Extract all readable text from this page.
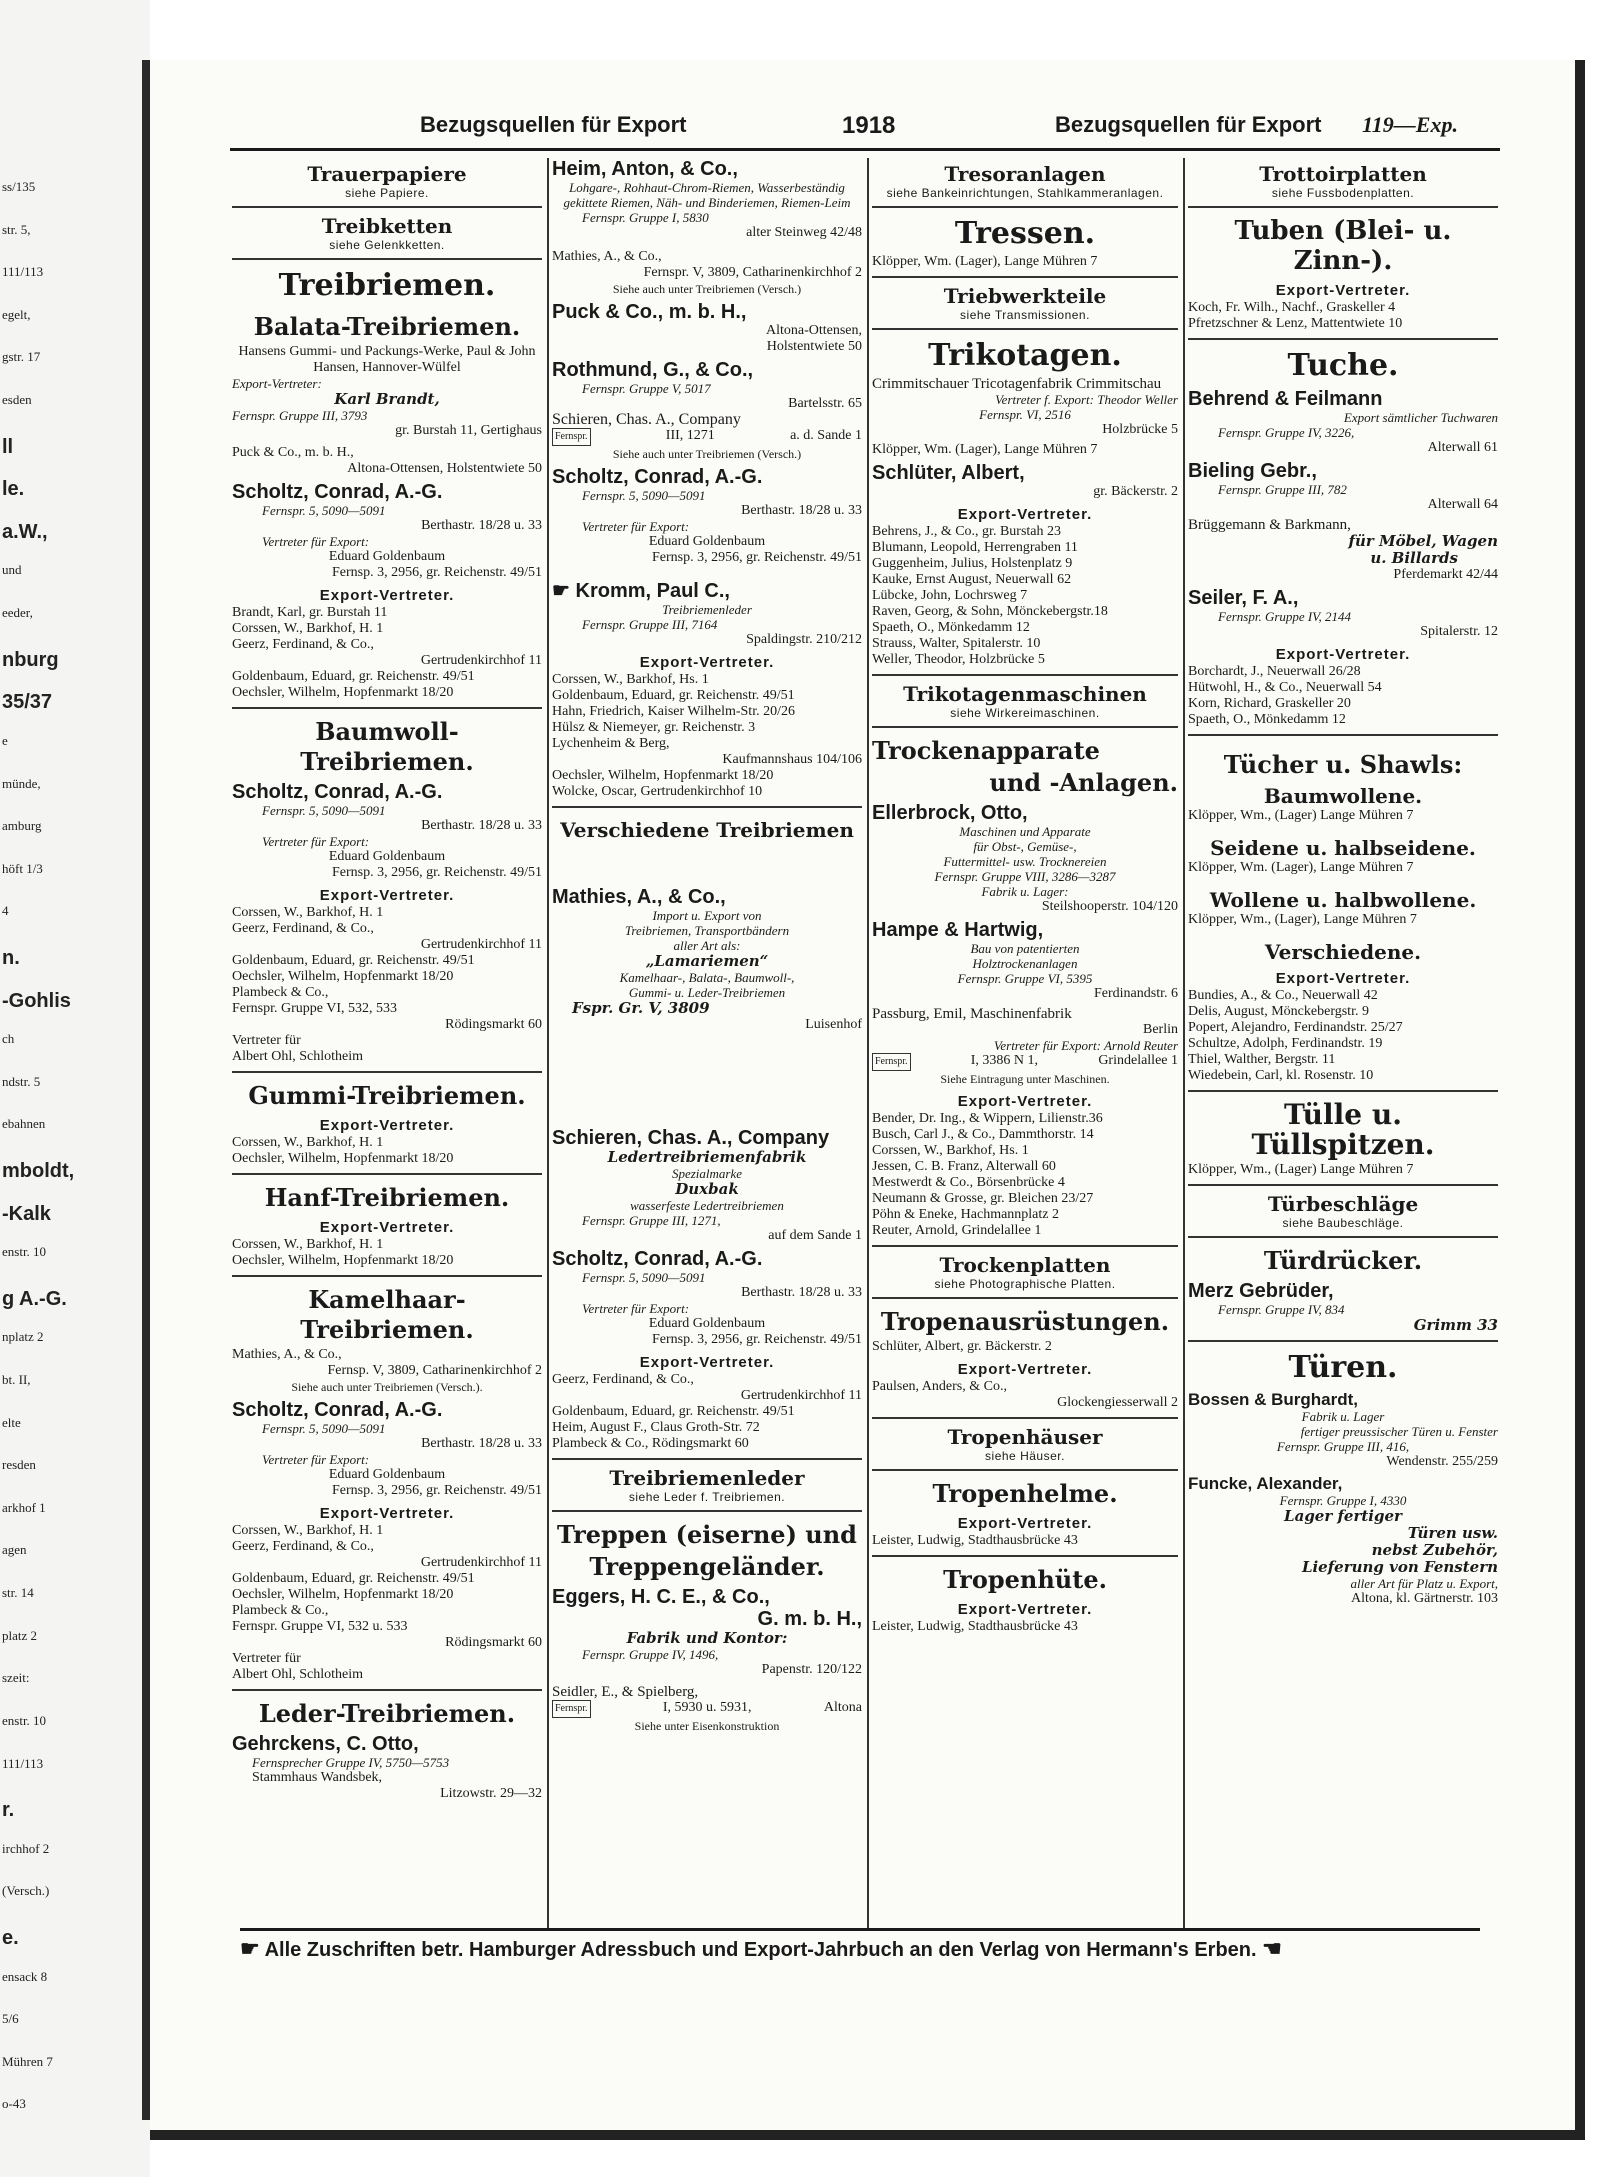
ss/135
str. 5,
111/113
egelt,
gstr. 17
esden
ll
le.
a.W.,
und
eeder,
nburg
35/37
e
münde,
amburg
höft 1/3
4
n.
-Gohlis
ch
ndstr. 5
ebahnen
mboldt,
-Kalk
enstr. 10
g A.-G.
nplatz 2
bt. II,
elte
resden
arkhof 1
agen
str. 14
platz 2
szeit:
enstr. 10
111/113
r.
irchhof 2
(Versch.)
e.
ensack 8
5/6
Mühren 7
o-43
Bezugsquellen für Export	1918	Bezugsquellen für Export 119—Exp.
Trauerpapiere
siehe Papiere.
Treibketten
siehe Gelenkketten.
Treibriemen.
Balata-Treibriemen.
Hansens Gummi- und Packungs-Werke, Paul & John Hansen, Hannover-Wülfel
Export-Vertreter:
Karl Brandt,
Fernspr. Gruppe III, 3793
gr. Burstah 11, Gertighaus
Puck & Co., m. b. H.,
Altona-Ottensen, Holstentwiete 50
Scholtz, Conrad, A.-G.
Fernspr. 5, 5090—5091
Berthastr. 18/28 u. 33
Vertreter für Export:
Eduard Goldenbaum
Fernsp. 3, 2956, gr. Reichenstr. 49/51
Export-Vertreter.
Brandt, Karl, gr. Burstah 11
Corssen, W., Barkhof, H. 1
Geerz, Ferdinand, & Co.,
Gertrudenkirchhof 11
Goldenbaum, Eduard, gr. Reichenstr. 49/51
Oechsler, Wilhelm, Hopfenmarkt 18/20
Baumwoll-Treibriemen.
Scholtz, Conrad, A.-G.
Fernspr. 5, 5090—5091
Berthastr. 18/28 u. 33
Vertreter für Export:
Eduard Goldenbaum
Fernsp. 3, 2956, gr. Reichenstr. 49/51
Export-Vertreter.
Corssen, W., Barkhof, H. 1
Geerz, Ferdinand, & Co.,
Gertrudenkirchhof 11
Goldenbaum, Eduard, gr. Reichenstr. 49/51
Oechsler, Wilhelm, Hopfenmarkt 18/20
Plambeck & Co.,
Fernspr. Gruppe VI, 532, 533
Rödingsmarkt 60
Vertreter für
Albert Ohl, Schlotheim
Gummi-Treibriemen.
Export-Vertreter.
Corssen, W., Barkhof, H. 1
Oechsler, Wilhelm, Hopfenmarkt 18/20
Hanf-Treibriemen.
Export-Vertreter.
Corssen, W., Barkhof, H. 1
Oechsler, Wilhelm, Hopfenmarkt 18/20
Kamelhaar-Treibriemen.
Mathies, A., & Co.,
Fernsp. V, 3809, Catharinenkirchhof 2
Siehe auch unter Treibriemen (Versch.).
Scholtz, Conrad, A.-G.
Fernspr. 5, 5090—5091
Berthastr. 18/28 u. 33
Vertreter für Export:
Eduard Goldenbaum
Fernsp. 3, 2956, gr. Reichenstr. 49/51
Export-Vertreter.
Corssen, W., Barkhof, H. 1
Geerz, Ferdinand, & Co.,
Gertrudenkirchhof 11
Goldenbaum, Eduard, gr. Reichenstr. 49/51
Oechsler, Wilhelm, Hopfenmarkt 18/20
Plambeck & Co.,
Fernspr. Gruppe VI, 532 u. 533
Rödingsmarkt 60
Vertreter für
Albert Ohl, Schlotheim
Leder-Treibriemen.
Gehrckens, C. Otto,
Fernsprecher Gruppe IV, 5750—5753
Stammhaus Wandsbek,
Litzowstr. 29—32
Heim, Anton, & Co.,
Lohgare-, Rohhaut-Chrom-Riemen, Wasserbeständig gekittete Riemen, Näh- und Binderiemen, Riemen-Leim
Fernspr. Gruppe I, 5830
alter Steinweg 42/48
Mathies, A., & Co.,
Fernspr. V, 3809, Catharinenkirchhof 2
Siehe auch unter Treibriemen (Versch.)
Puck & Co., m. b. H.,
Altona-Ottensen,
Holstentwiete 50
Rothmund, G., & Co.,
Fernspr. Gruppe V, 5017
Bartelsstr. 65
Schieren, Chas. A., Company
Fernspr.	III, 1271	a. d. Sande 1
Siehe auch unter Treibriemen (Versch.)
Scholtz, Conrad, A.-G.
Fernspr. 5, 5090—5091
Berthastr. 18/28 u. 33
Vertreter für Export:
Eduard Goldenbaum
Fernsp. 3, 2956, gr. Reichenstr. 49/51
☛ Kromm, Paul C.,
Treibriemenleder
Fernspr. Gruppe III, 7164
Spaldingstr. 210/212
Export-Vertreter.
Corssen, W., Barkhof, Hs. 1
Goldenbaum, Eduard, gr. Reichenstr. 49/51
Hahn, Friedrich, Kaiser Wilhelm-Str. 20/26
Hülsz & Niemeyer, gr. Reichenstr. 3
Lychenheim & Berg,
Kaufmannshaus 104/106
Oechsler, Wilhelm, Hopfenmarkt 18/20
Wolcke, Oscar, Gertrudenkirchhof 10
Verschiedene Treibriemen
Mathies, A., & Co.,
Import u. Export von
Treibriemen, Transportbändern
aller Art als:
„Lamariemen“
Kamelhaar-, Balata-, Baumwoll-,
Gummi- u. Leder-Treibriemen
Fspr. Gr. V, 3809
Luisenhof
Schieren, Chas. A., Company
Ledertreibriemenfabrik
Spezialmarke
Duxbak
wasserfeste Ledertreibriemen
Fernspr. Gruppe III, 1271,
auf dem Sande 1
Scholtz, Conrad, A.-G.
Fernspr. 5, 5090—5091
Berthastr. 18/28 u. 33
Vertreter für Export:
Eduard Goldenbaum
Fernsp. 3, 2956, gr. Reichenstr. 49/51
Export-Vertreter.
Geerz, Ferdinand, & Co.,
Gertrudenkirchhof 11
Goldenbaum, Eduard, gr. Reichenstr. 49/51
Heim, August F., Claus Groth-Str. 72
Plambeck & Co., Rödingsmarkt 60
Treibriemenleder
siehe Leder f. Treibriemen.
Treppen (eiserne) und
Treppengeländer.
Eggers, H. C. E., & Co.,
G. m. b. H.,
Fabrik und Kontor:
Fernspr. Gruppe IV, 1496,
Papenstr. 120/122
Seidler, E., & Spielberg,
Fernspr.	I, 5930 u. 5931,	Altona
Siehe unter Eisenkonstruktion
Tresoranlagen
siehe Bankeinrichtungen, Stahlkammeranlagen.
Tressen.
Klöpper, Wm. (Lager), Lange Mühren 7
Triebwerkteile
siehe Transmissionen.
Trikotagen.
Crimmitschauer Tricotagenfabrik Crimmitschau
Vertreter f. Export: Theodor Weller
Fernspr. VI, 2516
Holzbrücke 5
Klöpper, Wm. (Lager), Lange Mühren 7
Schlüter, Albert,
gr. Bäckerstr. 2
Export-Vertreter.
Behrens, J., & Co., gr. Burstah 23
Blumann, Leopold, Herrengraben 11
Guggenheim, Julius, Holstenplatz 9
Kauke, Ernst August, Neuerwall 62
Lübcke, John, Lochrsweg 7
Raven, Georg, & Sohn, Mönckebergstr.18
Spaeth, O., Mönkedamm 12
Strauss, Walter, Spitalerstr. 10
Weller, Theodor, Holzbrücke 5
Trikotagenmaschinen
siehe Wirkereimaschinen.
Trockenapparate
und -Anlagen.
Ellerbrock, Otto,
Maschinen und Apparate
für Obst-, Gemüse-,
Futtermittel- usw. Trocknereien
Fernspr. Gruppe VIII, 3286—3287
Fabrik u. Lager:
Steilshooperstr. 104/120
Hampe & Hartwig,
Bau von patentierten
Holztrockenanlagen
Fernspr. Gruppe VI, 5395
Ferdinandstr. 6
Passburg, Emil, Maschinenfabrik
Berlin
Vertreter für Export: Arnold Reuter
Fernspr.	I, 3386 N 1,	Grindelallee 1
Siehe Eintragung unter Maschinen.
Export-Vertreter.
Bender, Dr. Ing., & Wippern, Lilienstr.36
Busch, Carl J., & Co., Dammthorstr. 14
Corssen, W., Barkhof, Hs. 1
Jessen, C. B. Franz, Alterwall 60
Mestwerdt & Co., Börsenbrücke 4
Neumann & Grosse, gr. Bleichen 23/27
Pöhn & Eneke, Hachmannplatz 2
Reuter, Arnold, Grindelallee 1
Trockenplatten
siehe Photographische Platten.
Tropenausrüstungen.
Schlüter, Albert, gr. Bäckerstr. 2
Export-Vertreter.
Paulsen, Anders, & Co.,
Glockengiesserwall 2
Tropenhäuser
siehe Häuser.
Tropenhelme.
Export-Vertreter.
Leister, Ludwig, Stadthausbrücke 43
Tropenhüte.
Export-Vertreter.
Leister, Ludwig, Stadthausbrücke 43
Trottoirplatten
siehe Fussbodenplatten.
Tuben (Blei- u. Zinn-).
Export-Vertreter.
Koch, Fr. Wilh., Nachf., Graskeller 4
Pfretzschner & Lenz, Mattentwiete 10
Tuche.
Behrend & Feilmann
Export sämtlicher Tuchwaren
Fernspr. Gruppe IV, 3226,
Alterwall 61
Bieling Gebr.,
Fernspr. Gruppe III, 782
Alterwall 64
Brüggemann & Barkmann,
für Möbel, Wagen
u. Billards
Pferdemarkt 42/44
Seiler, F. A.,
Fernspr. Gruppe IV, 2144
Spitalerstr. 12
Export-Vertreter.
Borchardt, J., Neuerwall 26/28
Hütwohl, H., & Co., Neuerwall 54
Korn, Richard, Graskeller 20
Spaeth, O., Mönkedamm 12
Tücher u. Shawls:
Baumwollene.
Klöpper, Wm., (Lager) Lange Mühren 7
Seidene u. halbseidene.
Klöpper, Wm. (Lager), Lange Mühren 7
Wollene u. halbwollene.
Klöpper, Wm., (Lager), Lange Mühren 7
Verschiedene.
Export-Vertreter.
Bundies, A., & Co., Neuerwall 42
Delis, August, Mönckebergstr. 9
Popert, Alejandro, Ferdinandstr. 25/27
Schultze, Adolph, Ferdinandstr. 19
Thiel, Walther, Bergstr. 11
Wiedebein, Carl, kl. Rosenstr. 10
Tülle u. Tüllspitzen.
Klöpper, Wm., (Lager) Lange Mühren 7
Türbeschläge
siehe Baubeschläge.
Türdrücker.
Merz Gebrüder,
Fernspr. Gruppe IV, 834
Grimm 33
Türen.
Bossen & Burghardt,
Fabrik u. Lager
fertiger preussischer Türen u. Fenster
Fernspr. Gruppe III, 416,
Wendenstr. 255/259
Funcke, Alexander,
Fernspr. Gruppe I, 4330
Lager fertiger
Türen usw.
nebst Zubehör,
Lieferung von Fenstern
aller Art für Platz u. Export,
Altona, kl. Gärtnerstr. 103
☛ Alle Zuschriften betr. Hamburger Adressbuch und Export-Jahrbuch an den Verlag von Hermann's Erben. ☚
